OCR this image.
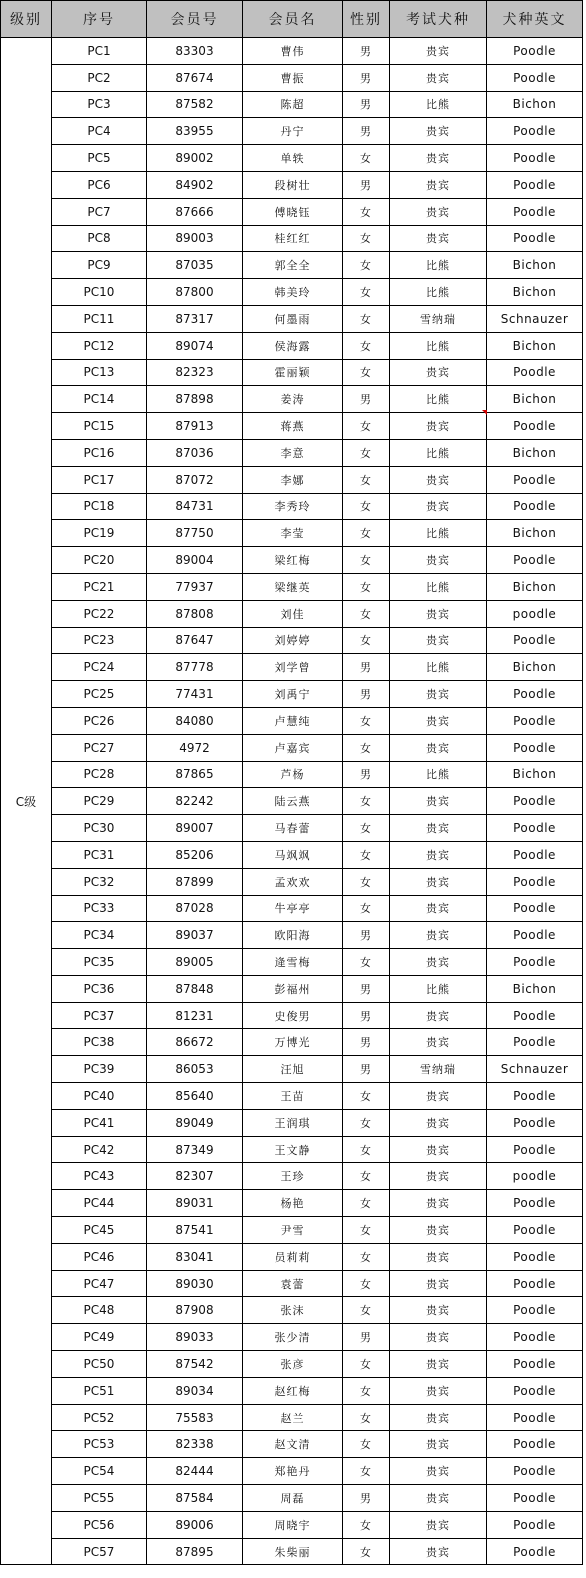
级别	序号	会员号	会员名	性别	考试犬种	犬种英文
C级	PC1	83303	曹伟	男	贵宾	Poodle
	PC2	87674	曹振	男	贵宾	Poodle
	PC3	87582	陈超	男	比熊	Bichon
	PC4	83955	丹宁	男	贵宾	Poodle
	PC5	89002	单轶	女	贵宾	Poodle
	PC6	84902	段树壮	男	贵宾	Poodle
	PC7	87666	傅晓钰	女	贵宾	Poodle
	PC8	89003	桂红红	女	贵宾	Poodle
	PC9	87035	郭全全	女	比熊	Bichon
	PC10	87800	韩美玲	女	比熊	Bichon
	PC11	87317	何墨雨	女	雪纳瑞	Schnauzer
	PC12	89074	侯海露	女	比熊	Bichon
	PC13	82323	霍丽颖	女	贵宾	Poodle
	PC14	87898	姜涛	男	比熊	Bichon
	PC15	87913	蒋燕	女	贵宾	Poodle
	PC16	87036	李意	女	比熊	Bichon
	PC17	87072	李娜	女	贵宾	Poodle
	PC18	84731	李秀玲	女	贵宾	Poodle
	PC19	87750	李莹	女	比熊	Bichon
	PC20	89004	梁红梅	女	贵宾	Poodle
	PC21	77937	梁继英	女	比熊	Bichon
	PC22	87808	刘佳	女	贵宾	poodle
	PC23	87647	刘婷婷	女	贵宾	Poodle
	PC24	87778	刘学曾	男	比熊	Bichon
	PC25	77431	刘禹宁	男	贵宾	Poodle
	PC26	84080	卢慧纯	女	贵宾	Poodle
	PC27	4972	卢嘉宾	女	贵宾	Poodle
	PC28	87865	芦杨	男	比熊	Bichon
	PC29	82242	陆云燕	女	贵宾	Poodle
	PC30	89007	马春蕾	女	贵宾	Poodle
	PC31	85206	马飒飒	女	贵宾	Poodle
	PC32	87899	孟欢欢	女	贵宾	Poodle
	PC33	87028	牛亭亭	女	贵宾	Poodle
	PC34	89037	欧阳海	男	贵宾	Poodle
	PC35	89005	逄雪梅	女	贵宾	Poodle
	PC36	87848	彭福州	男	比熊	Bichon
	PC37	81231	史俊男	男	贵宾	Poodle
	PC38	86672	万博光	男	贵宾	Poodle
	PC39	86053	汪旭	男	雪纳瑞	Schnauzer
	PC40	85640	王苗	女	贵宾	Poodle
	PC41	89049	王润琪	女	贵宾	Poodle
	PC42	87349	王文静	女	贵宾	Poodle
	PC43	82307	王珍	女	贵宾	poodle
	PC44	89031	杨艳	女	贵宾	Poodle
	PC45	87541	尹雪	女	贵宾	Poodle
	PC46	83041	员莉莉	女	贵宾	Poodle
	PC47	89030	袁蕾	女	贵宾	Poodle
	PC48	87908	张沫	女	贵宾	Poodle
	PC49	89033	张少清	男	贵宾	Poodle
	PC50	87542	张彦	女	贵宾	Poodle
	PC51	89034	赵红梅	女	贵宾	Poodle
	PC52	75583	赵兰	女	贵宾	Poodle
	PC53	82338	赵文清	女	贵宾	Poodle
	PC54	82444	郑艳丹	女	贵宾	Poodle
	PC55	87584	周磊	男	贵宾	Poodle
	PC56	89006	周晓宇	女	贵宾	Poodle
	PC57	87895	朱柴丽	女	贵宾	Poodle
